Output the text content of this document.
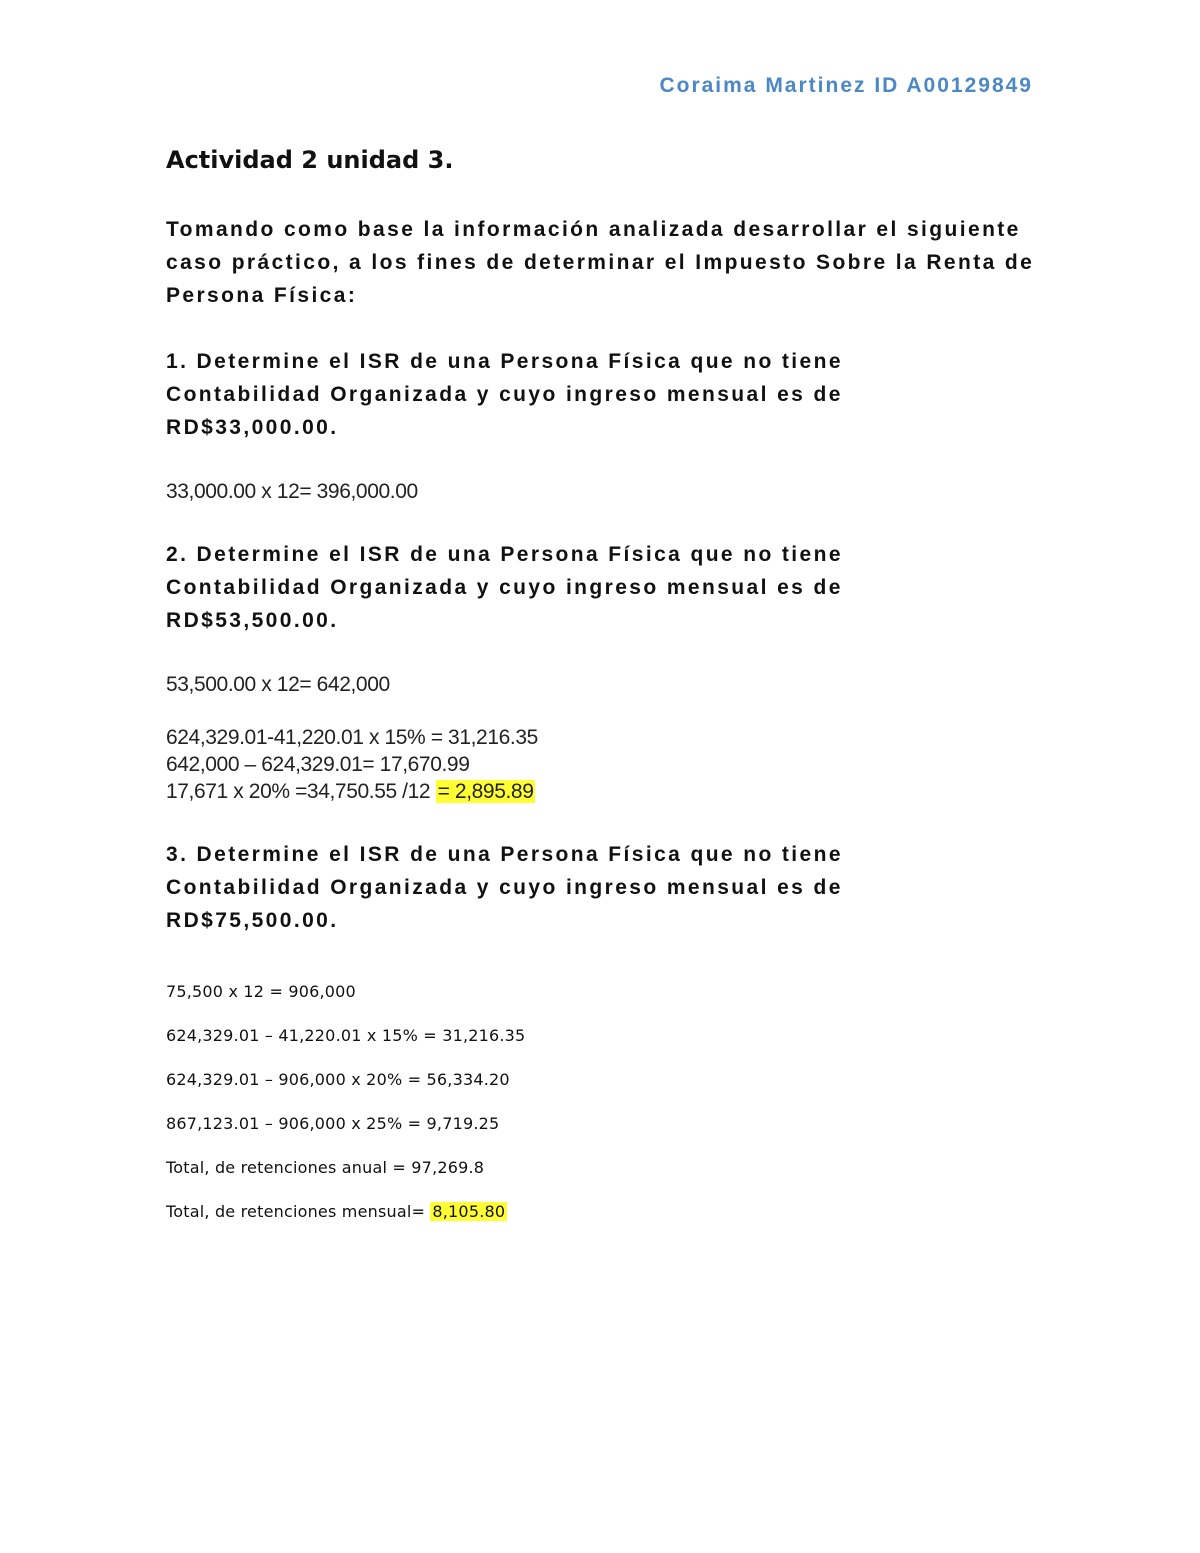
Coraima Martinez ID A00129849
Actividad 2 unidad 3.

Tomando como base la información analizada desarrollar el siguiente caso práctico, a los fines de determinar el Impuesto Sobre la Renta de Persona Física:

1. Determine el ISR de una Persona Física que no tiene
Contabilidad Organizada y cuyo ingreso mensual es de
RD$33,000.00.

33,000.00 x 12= 396,000.00

2. Determine el ISR de una Persona Física que no tiene
Contabilidad Organizada y cuyo ingreso mensual es de
RD$53,500.00.

53,500.00 x 12= 642,000

624,329.01-41,220.01 x 15% = 31,216.35

642,000 – 624,329.01= 17,670.99

17,671 x 20% =34,750.55 /12 = 2,895.89

3. Determine el ISR de una Persona Física que no tiene
Contabilidad Organizada y cuyo ingreso mensual es de
RD$75,500.00.

75,500 x 12 = 906,000

624,329.01 – 41,220.01 x 15% = 31,216.35

624,329.01 – 906,000 x 20% = 56,334.20

867,123.01 – 906,000 x 25% = 9,719.25

Total, de retenciones anual = 97,269.8

Total, de retenciones mensual= 8,105.80
